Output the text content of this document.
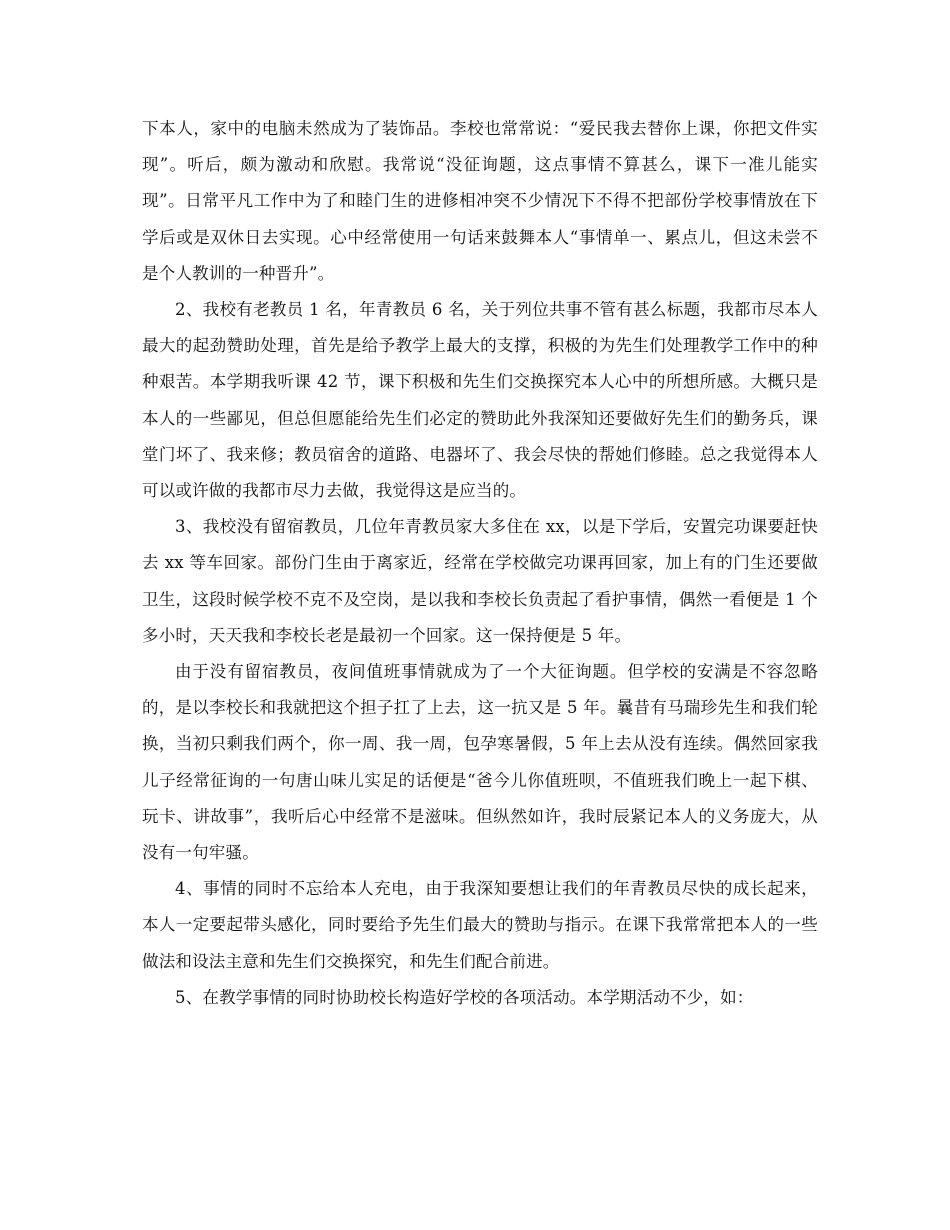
下本人，家中的电脑未然成为了装饰品。李校也常常说：“爱民我去替你上课，你把文件实现”。听后，颇为激动和欣慰。我常说“没征询题，这点事情不算甚么，课下一准儿能实现”。日常平凡工作中为了和睦门生的进修相冲突不少情况下不得不把部份学校事情放在下学后或是双休日去实现。心中经常使用一句话来鼓舞本人“事情单一、累点儿，但这未尝不是个人教训的一种晋升”。

2、我校有老教员 1 名，年青教员 6 名，关于列位共事不管有甚么标题，我都市尽本人最大的起劲赞助处理，首先是给予教学上最大的支撑，积极的为先生们处理教学工作中的种种艰苦。本学期我听课 42 节，课下积极和先生们交换探究本人心中的所想所感。大概只是本人的一些鄙见，但总但愿能给先生们必定的赞助此外我深知还要做好先生们的勤务兵，课堂门坏了、我来修；教员宿舍的道路、电器坏了、我会尽快的帮她们修睦。总之我觉得本人可以或许做的我都市尽力去做，我觉得这是应当的。

3、我校没有留宿教员，几位年青教员家大多住在 xx，以是下学后，安置完功课要赶快去 xx 等车回家。部份门生由于离家近，经常在学校做完功课再回家，加上有的门生还要做卫生，这段时候学校不克不及空岗，是以我和李校长负责起了看护事情，偶然一看便是 1 个多小时，天天我和李校长老是最初一个回家。这一保持便是 5 年。

由于没有留宿教员，夜间值班事情就成为了一个大征询题。但学校的安满是不容忽略的，是以李校长和我就把这个担子扛了上去，这一抗又是 5 年。曩昔有马瑞珍先生和我们轮换，当初只剩我们两个，你一周、我一周，包孕寒暑假，5 年上去从没有连续。偶然回家我儿子经常征询的一句唐山味儿实足的话便是“爸今儿你值班呗，不值班我们晚上一起下棋、玩卡、讲故事”，我听后心中经常不是滋味。但纵然如许，我时辰紧记本人的义务庞大，从没有一句牢骚。

4、事情的同时不忘给本人充电，由于我深知要想让我们的年青教员尽快的成长起来，本人一定要起带头感化，同时要给予先生们最大的赞助与指示。在课下我常常把本人的一些做法和设法主意和先生们交换探究，和先生们配合前进。

5、在教学事情的同时协助校长构造好学校的各项活动。本学期活动不少，如：
